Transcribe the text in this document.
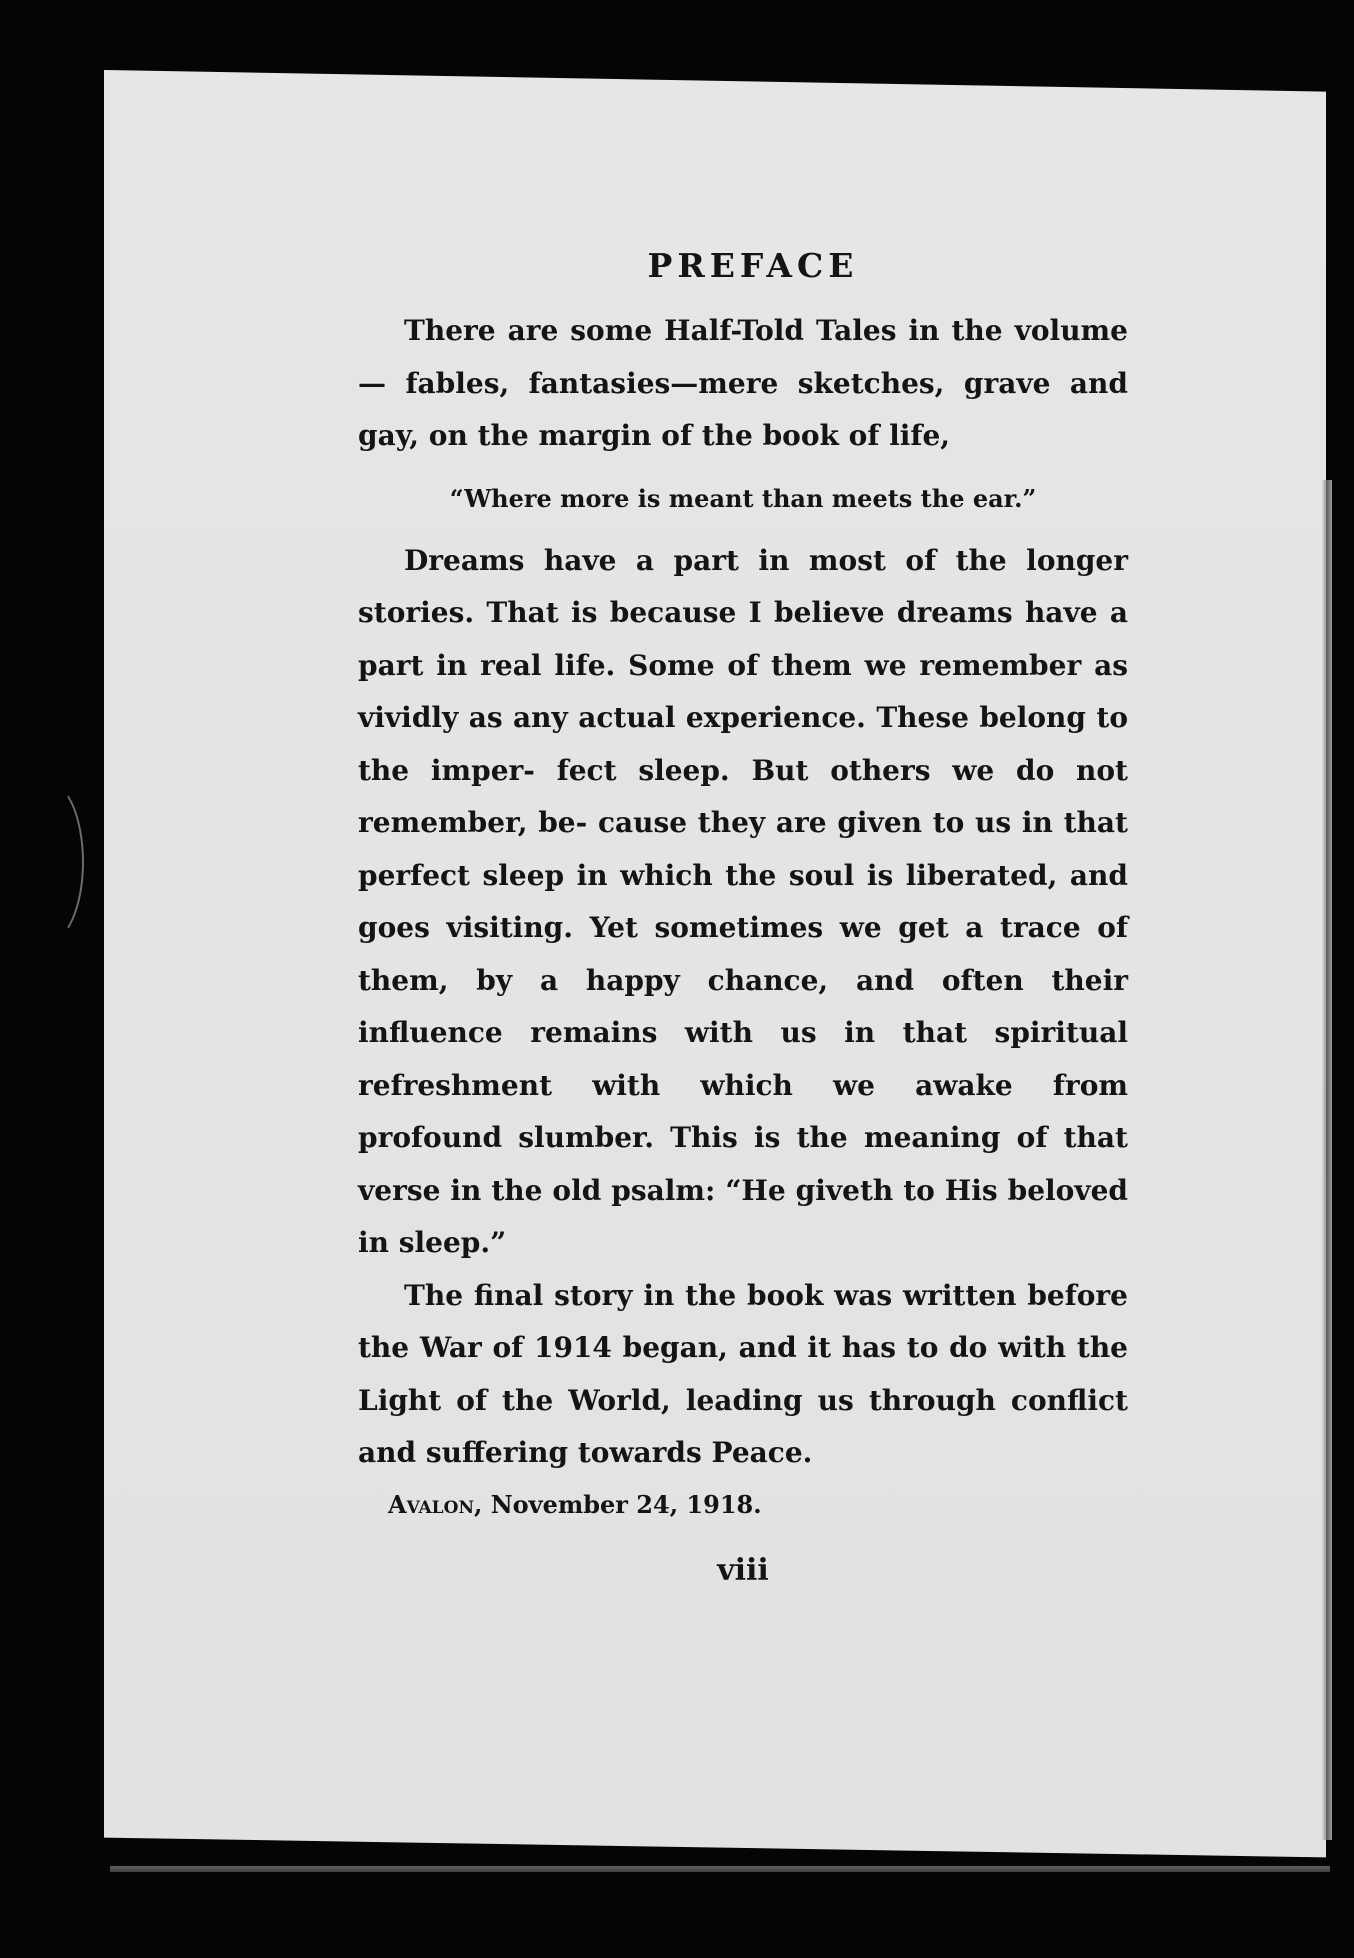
PREFACE

There are some Half-Told Tales in the volume— fables, fantasies—mere sketches, grave and gay, on the margin of the book of life,

“Where more is meant than meets the ear.”

Dreams have a part in most of the longer stories. That is because I believe dreams have a part in real life. Some of them we remember as vividly as any actual experience. These belong to the imper- fect sleep. But others we do not remember, be- cause they are given to us in that perfect sleep in which the soul is liberated, and goes visiting. Yet sometimes we get a trace of them, by a happy chance, and often their influence remains with us in that spiritual refreshment with which we awake from profound slumber. This is the meaning of that verse in the old psalm: “He giveth to His beloved in sleep.”

The final story in the book was written before the War of 1914 began, and it has to do with the Light of the World, leading us through conflict and suffering towards Peace.

Avalon, November 24, 1918.
viii
